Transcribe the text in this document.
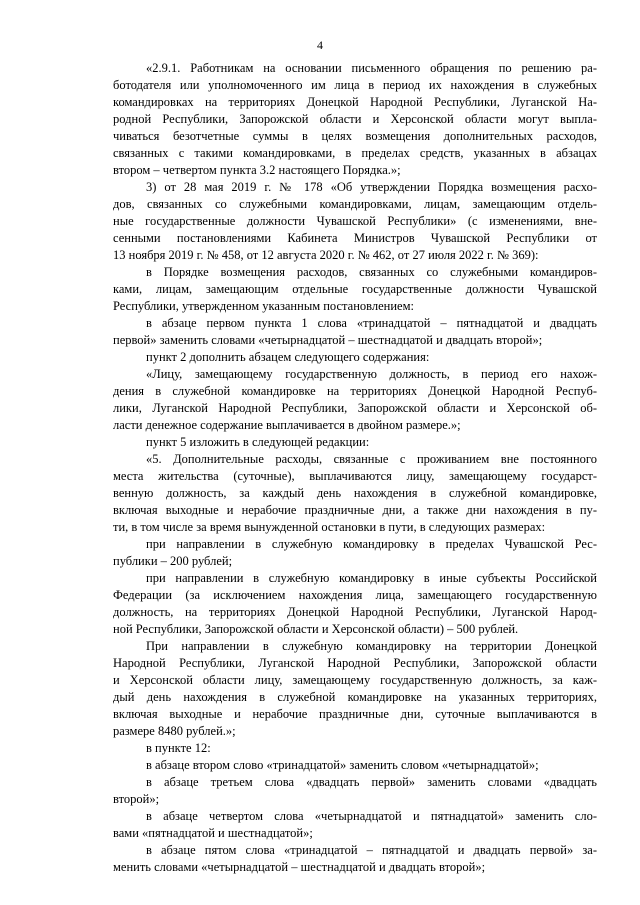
4
«2.9.1. Работникам на основании письменного обращения по решению ра-
ботодателя или уполномоченного им лица в период их нахождения в служебных
командировках на территориях Донецкой Народной Республики, Луганской На-
родной Республики, Запорожской области и Херсонской области могут выпла-
чиваться безотчетные суммы в целях возмещения дополнительных расходов,
связанных с такими командировками, в пределах средств, указанных в абзацах
втором – четвертом пункта 3.2 настоящего Порядка.»;
3) от 28 мая 2019 г. № 178 «Об утверждении Порядка возмещения расхо-
дов, связанных со служебными командировками, лицам, замещающим отдель-
ные государственные должности Чувашской Республики» (с изменениями, вне-
сенными постановлениями Кабинета Министров Чувашской Республики от
13 ноября 2019 г. № 458, от 12 августа 2020 г. № 462, от 27 июля 2022 г. № 369):
в Порядке возмещения расходов, связанных со служебными командиров-
ками, лицам, замещающим отдельные государственные должности Чувашской
Республики, утвержденном указанным постановлением:
в абзаце первом пункта 1 слова «тринадцатой – пятнадцатой и двадцать
первой» заменить словами «четырнадцатой – шестнадцатой и двадцать второй»;
пункт 2 дополнить абзацем следующего содержания:
«Лицу, замещающему государственную должность, в период его нахож-
дения в служебной командировке на территориях Донецкой Народной Респуб-
лики, Луганской Народной Республики, Запорожской области и Херсонской об-
ласти денежное содержание выплачивается в двойном размере.»;
пункт 5 изложить в следующей редакции:
«5. Дополнительные расходы, связанные с проживанием вне постоянного
места жительства (суточные), выплачиваются лицу, замещающему государст-
венную должность, за каждый день нахождения в служебной командировке,
включая выходные и нерабочие праздничные дни, а также дни нахождения в пу-
ти, в том числе за время вынужденной остановки в пути, в следующих размерах:
при направлении в служебную командировку в пределах Чувашской Рес-
публики – 200 рублей;
при направлении в служебную командировку в иные субъекты Российской
Федерации (за исключением нахождения лица, замещающего государственную
должность, на территориях Донецкой Народной Республики, Луганской Народ-
ной Республики, Запорожской области и Херсонской области) – 500 рублей.
При направлении в служебную командировку на территории Донецкой
Народной Республики, Луганской Народной Республики, Запорожской области
и Херсонской области лицу, замещающему государственную должность, за каж-
дый день нахождения в служебной командировке на указанных территориях,
включая выходные и нерабочие праздничные дни, суточные выплачиваются в
размере 8480 рублей.»;
в пункте 12:
в абзаце втором слово «тринадцатой» заменить словом «четырнадцатой»;
в абзаце третьем слова «двадцать первой» заменить словами «двадцать
второй»;
в абзаце четвертом слова «четырнадцатой и пятнадцатой» заменить сло-
вами «пятнадцатой и шестнадцатой»;
в абзаце пятом слова «тринадцатой – пятнадцатой и двадцать первой» за-
менить словами «четырнадцатой – шестнадцатой и двадцать второй»;
